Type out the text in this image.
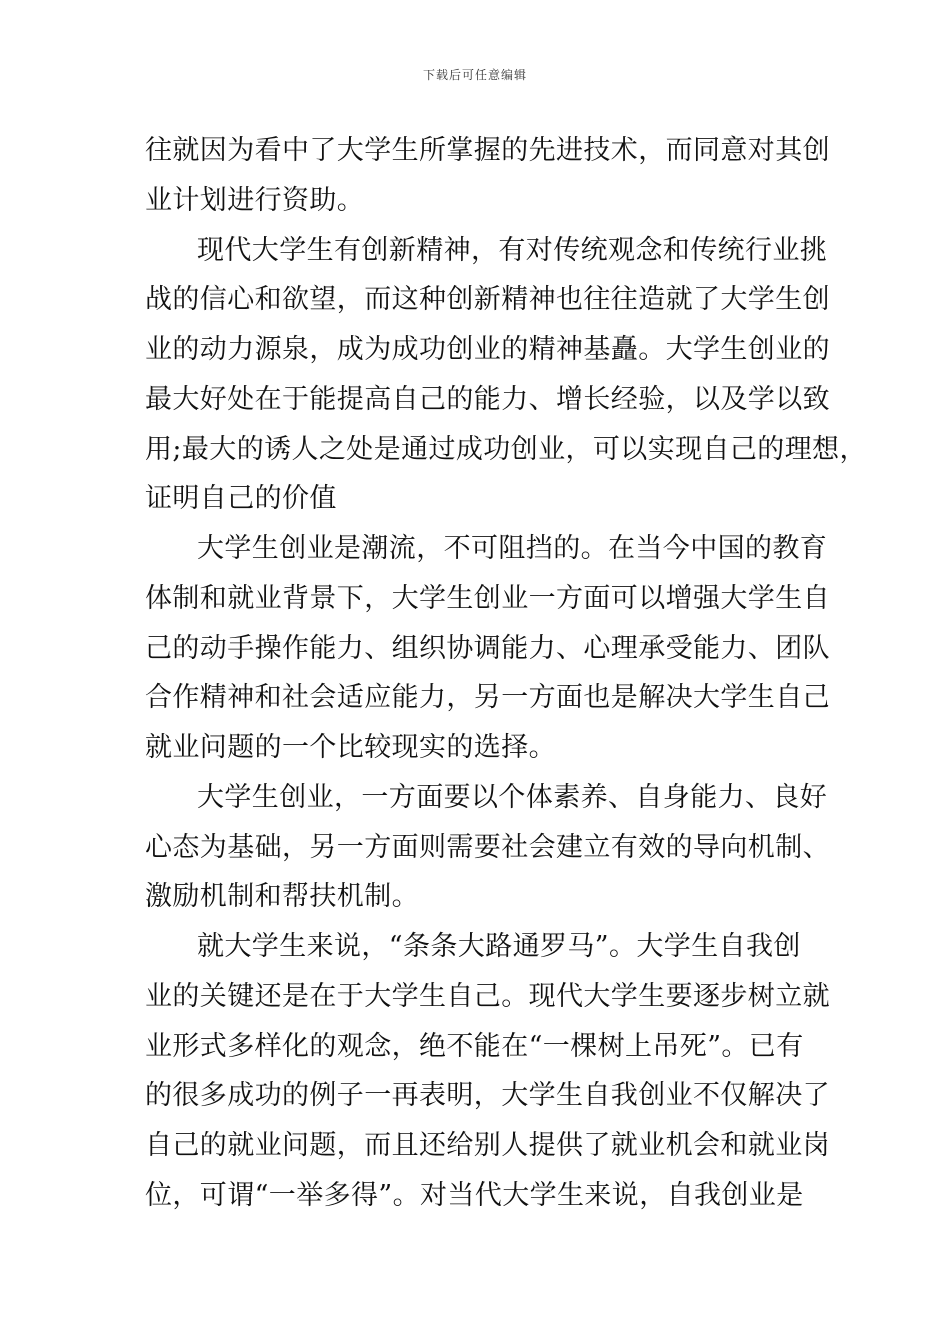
下载后可任意编辑
往就因为看中了大学生所掌握的先进技术，而同意对其创
业计划进行资助。
现代大学生有创新精神，有对传统观念和传统行业挑
战的信心和欲望，而这种创新精神也往往造就了大学生创
业的动力源泉，成为成功创业的精神基矗。大学生创业的
最大好处在于能提高自己的能力、增长经验，以及学以致
用;最大的诱人之处是通过成功创业，可以实现自己的理想，
证明自己的价值
大学生创业是潮流，不可阻挡的。在当今中国的教育
体制和就业背景下，大学生创业一方面可以增强大学生自
己的动手操作能力、组织协调能力、心理承受能力、团队
合作精神和社会适应能力，另一方面也是解决大学生自己
就业问题的一个比较现实的选择。
大学生创业，一方面要以个体素养、自身能力、良好
心态为基础，另一方面则需要社会建立有效的导向机制、
激励机制和帮扶机制。
就大学生来说，“条条大路通罗马”。大学生自我创
业的关键还是在于大学生自己。现代大学生要逐步树立就
业形式多样化的观念，绝不能在“一棵树上吊死”。已有
的很多成功的例子一再表明，大学生自我创业不仅解决了
自己的就业问题，而且还给别人提供了就业机会和就业岗
位，可谓“一举多得”。对当代大学生来说，自我创业是
